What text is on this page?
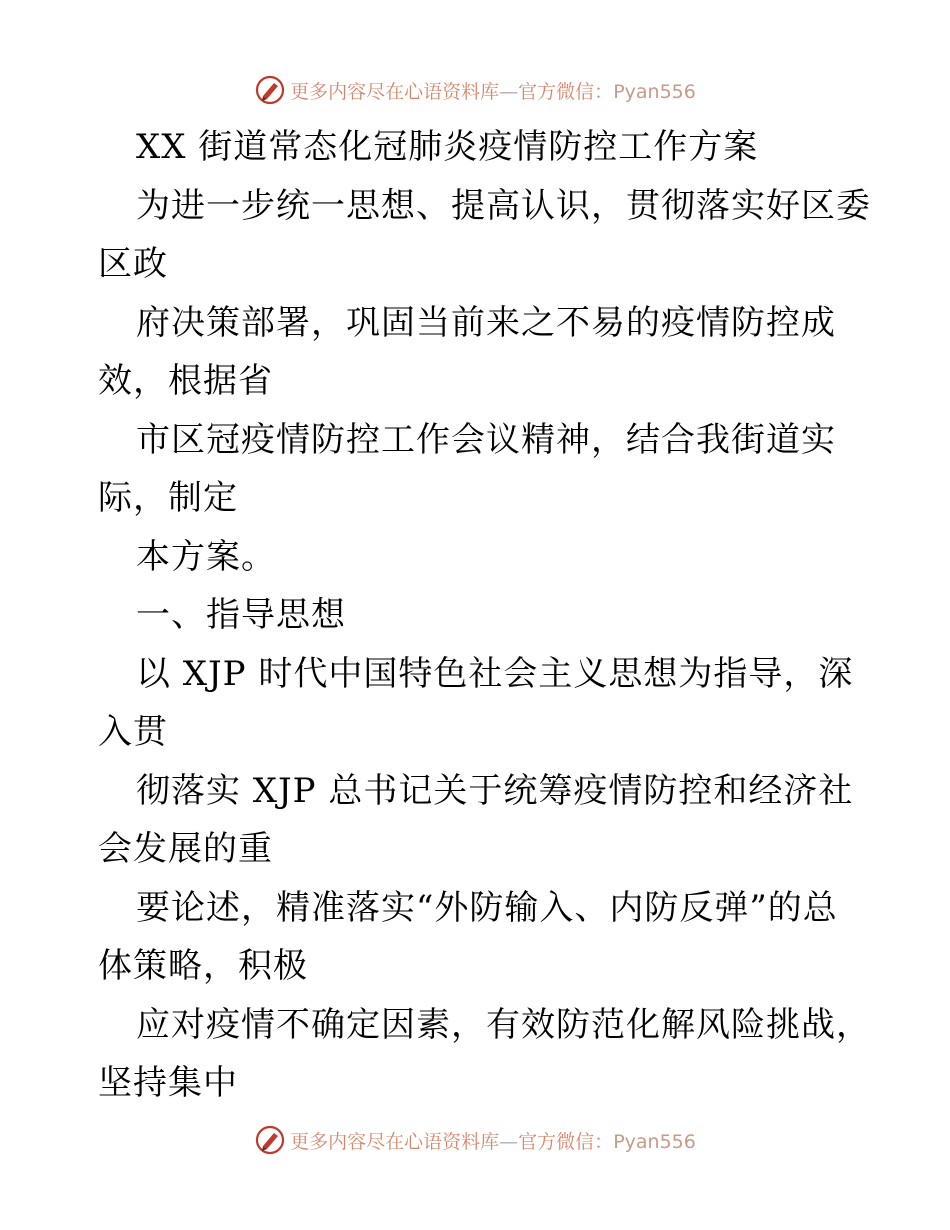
更多内容尽在心语资料库—官方微信：Pyan556
XX 街道常态化冠肺炎疫情防控工作方案
为进一步统一思想、提高认识，贯彻落实好区委
区政
府决策部署，巩固当前来之不易的疫情防控成
效，根据省
市区冠疫情防控工作会议精神，结合我街道实
际，制定
本方案。
一、指导思想
以 XJP 时代中国特色社会主义思想为指导，深
入贯
彻落实 XJP 总书记关于统筹疫情防控和经济社
会发展的重
要论述，精准落实“外防输入、内防反弹”的总
体策略，积极
应对疫情不确定因素，有效防范化解风险挑战，
坚持集中
更多内容尽在心语资料库—官方微信：Pyan556
